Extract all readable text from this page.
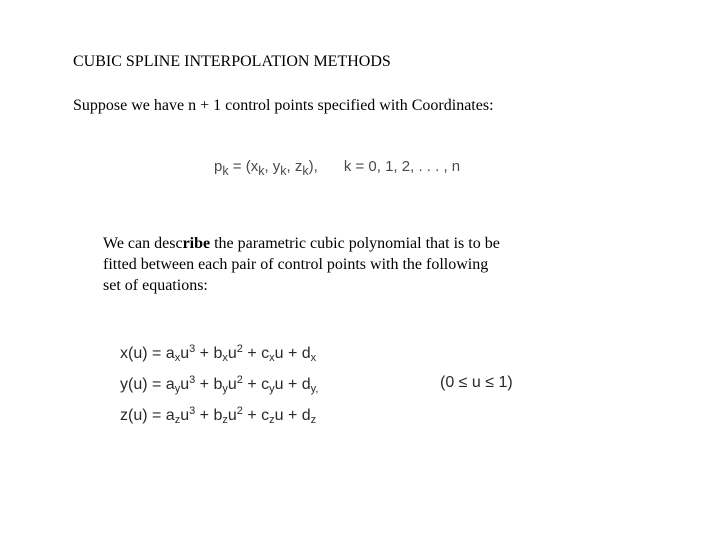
CUBIC SPLINE INTERPOLATION METHODS
Suppose we have n + 1 control points specified with Coordinates:
$p_k = (x_k$, $y_k$, $z_k$), k = 0, 1, 2, . . . , n
We can describe the parametric cubic polynomial that is to be
fitted between each pair of control points with the following
set of equations:
$x(u) = a_xu^3 + b_xu^2 + c_xu + d_x$
$y(u) = a_yu^3 + b_yu^2 + c_yu + d_{y,}$
$z(u) = a_zu^3 + b_zu^2 + c_zu + d_z$
(0 ≤ u ≤ 1)
